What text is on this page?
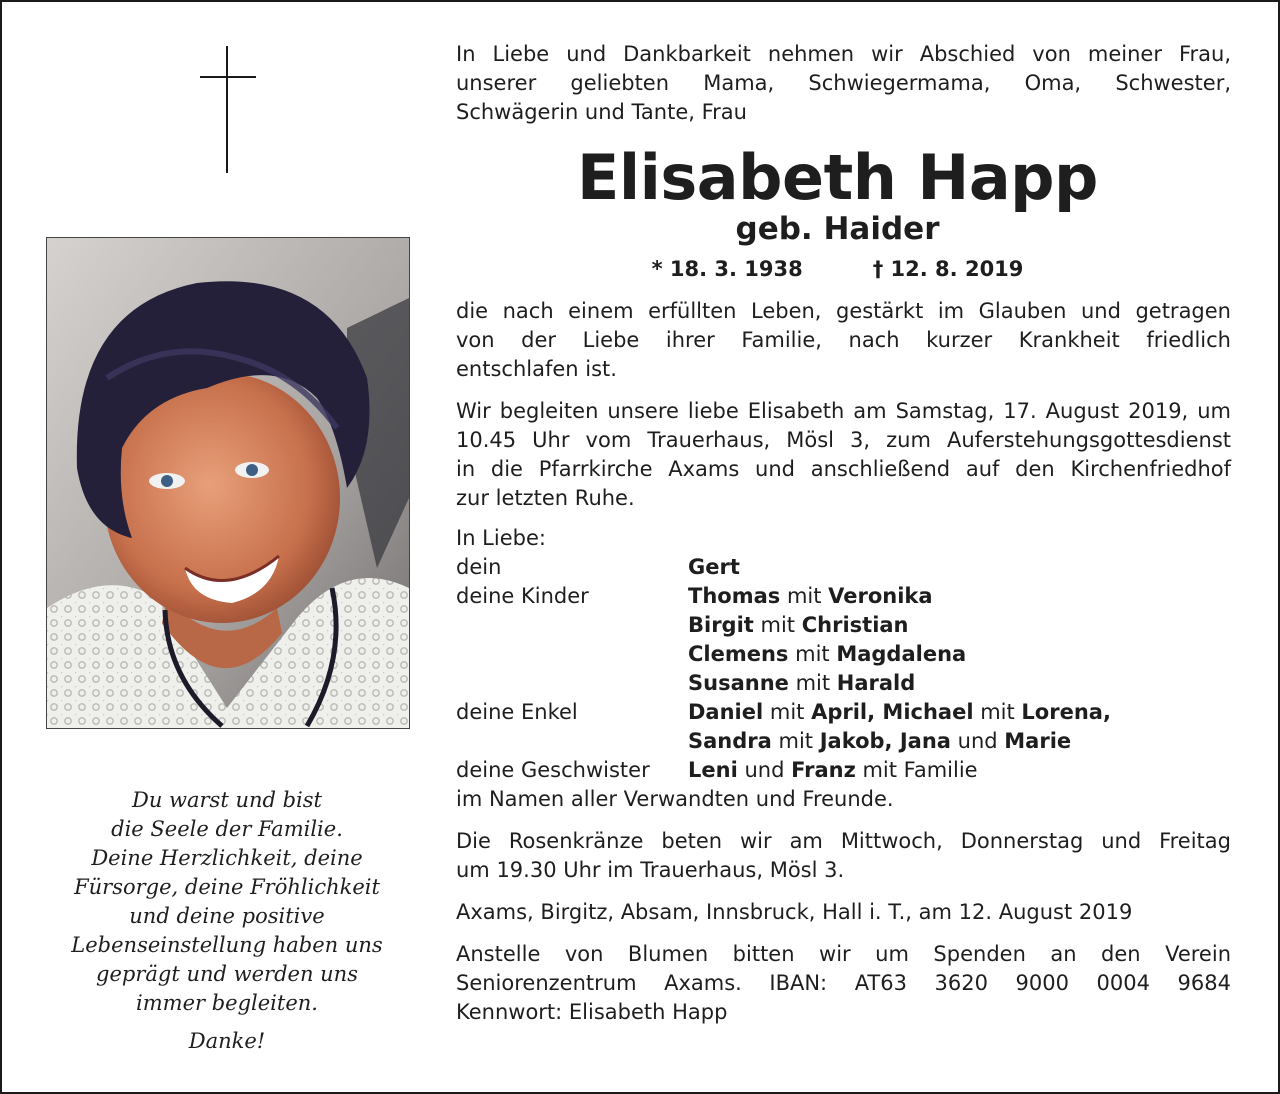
Du warst und bist

die Seele der Familie.

Deine Herzlichkeit, deine

Fürsorge, deine Fröhlichkeit

und deine positive

Lebenseinstellung haben uns

geprägt und werden uns

immer begleiten.

Danke!

In Liebe und Dankbarkeit nehmen wir Abschied von meiner Frau,

unserer geliebten Mama, Schwiegermama, Oma, Schwester,

Schwägerin und Tante, Frau

Elisabeth Happ
geb. Haider
* 18. 3. 1938	† 12. 8. 2019

die nach einem erfüllten Leben, gestärkt im Glauben und getragen

von der Liebe ihrer Familie, nach kurzer Krankheit friedlich

entschlafen ist.

Wir begleiten unsere liebe Elisabeth am Samstag, 17. August 2019, um

10.45 Uhr vom Trauerhaus, Mösl 3, zum Auferstehungsgottesdienst

in die Pfarrkirche Axams und anschließend auf den Kirchenfriedhof

zur letzten Ruhe.

In Liebe:

dein	Gert
deine Kinder	Thomas mit Veronika
Birgit mit Christian
Clemens mit Magdalena
Susanne mit Harald
deine Enkel	Daniel mit April, Michael mit Lorena,
Sandra mit Jakob, Jana und Marie
deine Geschwister	Leni und Franz mit Familie

im Namen aller Verwandten und Freunde.

Die Rosenkränze beten wir am Mittwoch, Donnerstag und Freitag

um 19.30 Uhr im Trauerhaus, Mösl 3.

Axams, Birgitz, Absam, Innsbruck, Hall i. T., am 12. August 2019

Anstelle von Blumen bitten wir um Spenden an den Verein

Seniorenzentrum Axams. IBAN: AT63 3620 9000 0004 9684

Kennwort: Elisabeth Happ
